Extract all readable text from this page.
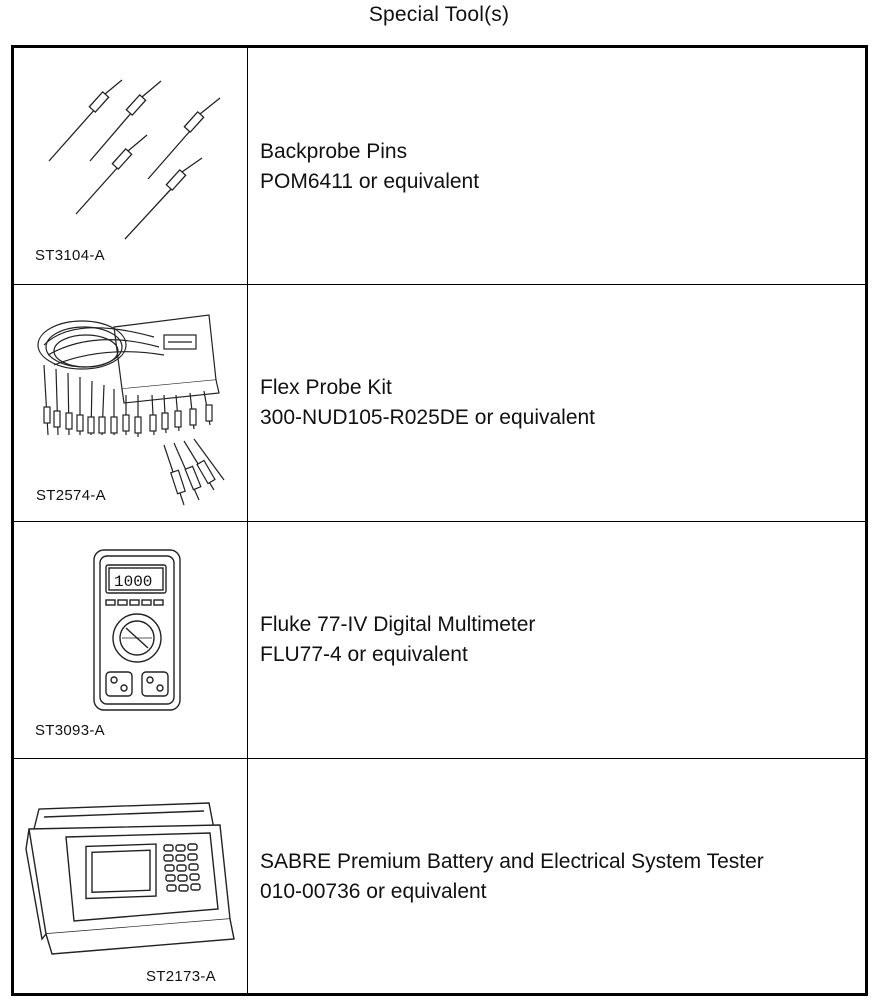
Special Tool(s)
ST3104-A
Backprobe Pins
POM6411 or equivalent
ST2574-A
Flex Probe Kit
300-NUD105-R025DE or equivalent
1000
ST3093-A
Fluke 77-IV Digital Multimeter
FLU77-4 or equivalent
ST2173-A
SABRE Premium Battery and Electrical System Tester
010-00736 or equivalent
